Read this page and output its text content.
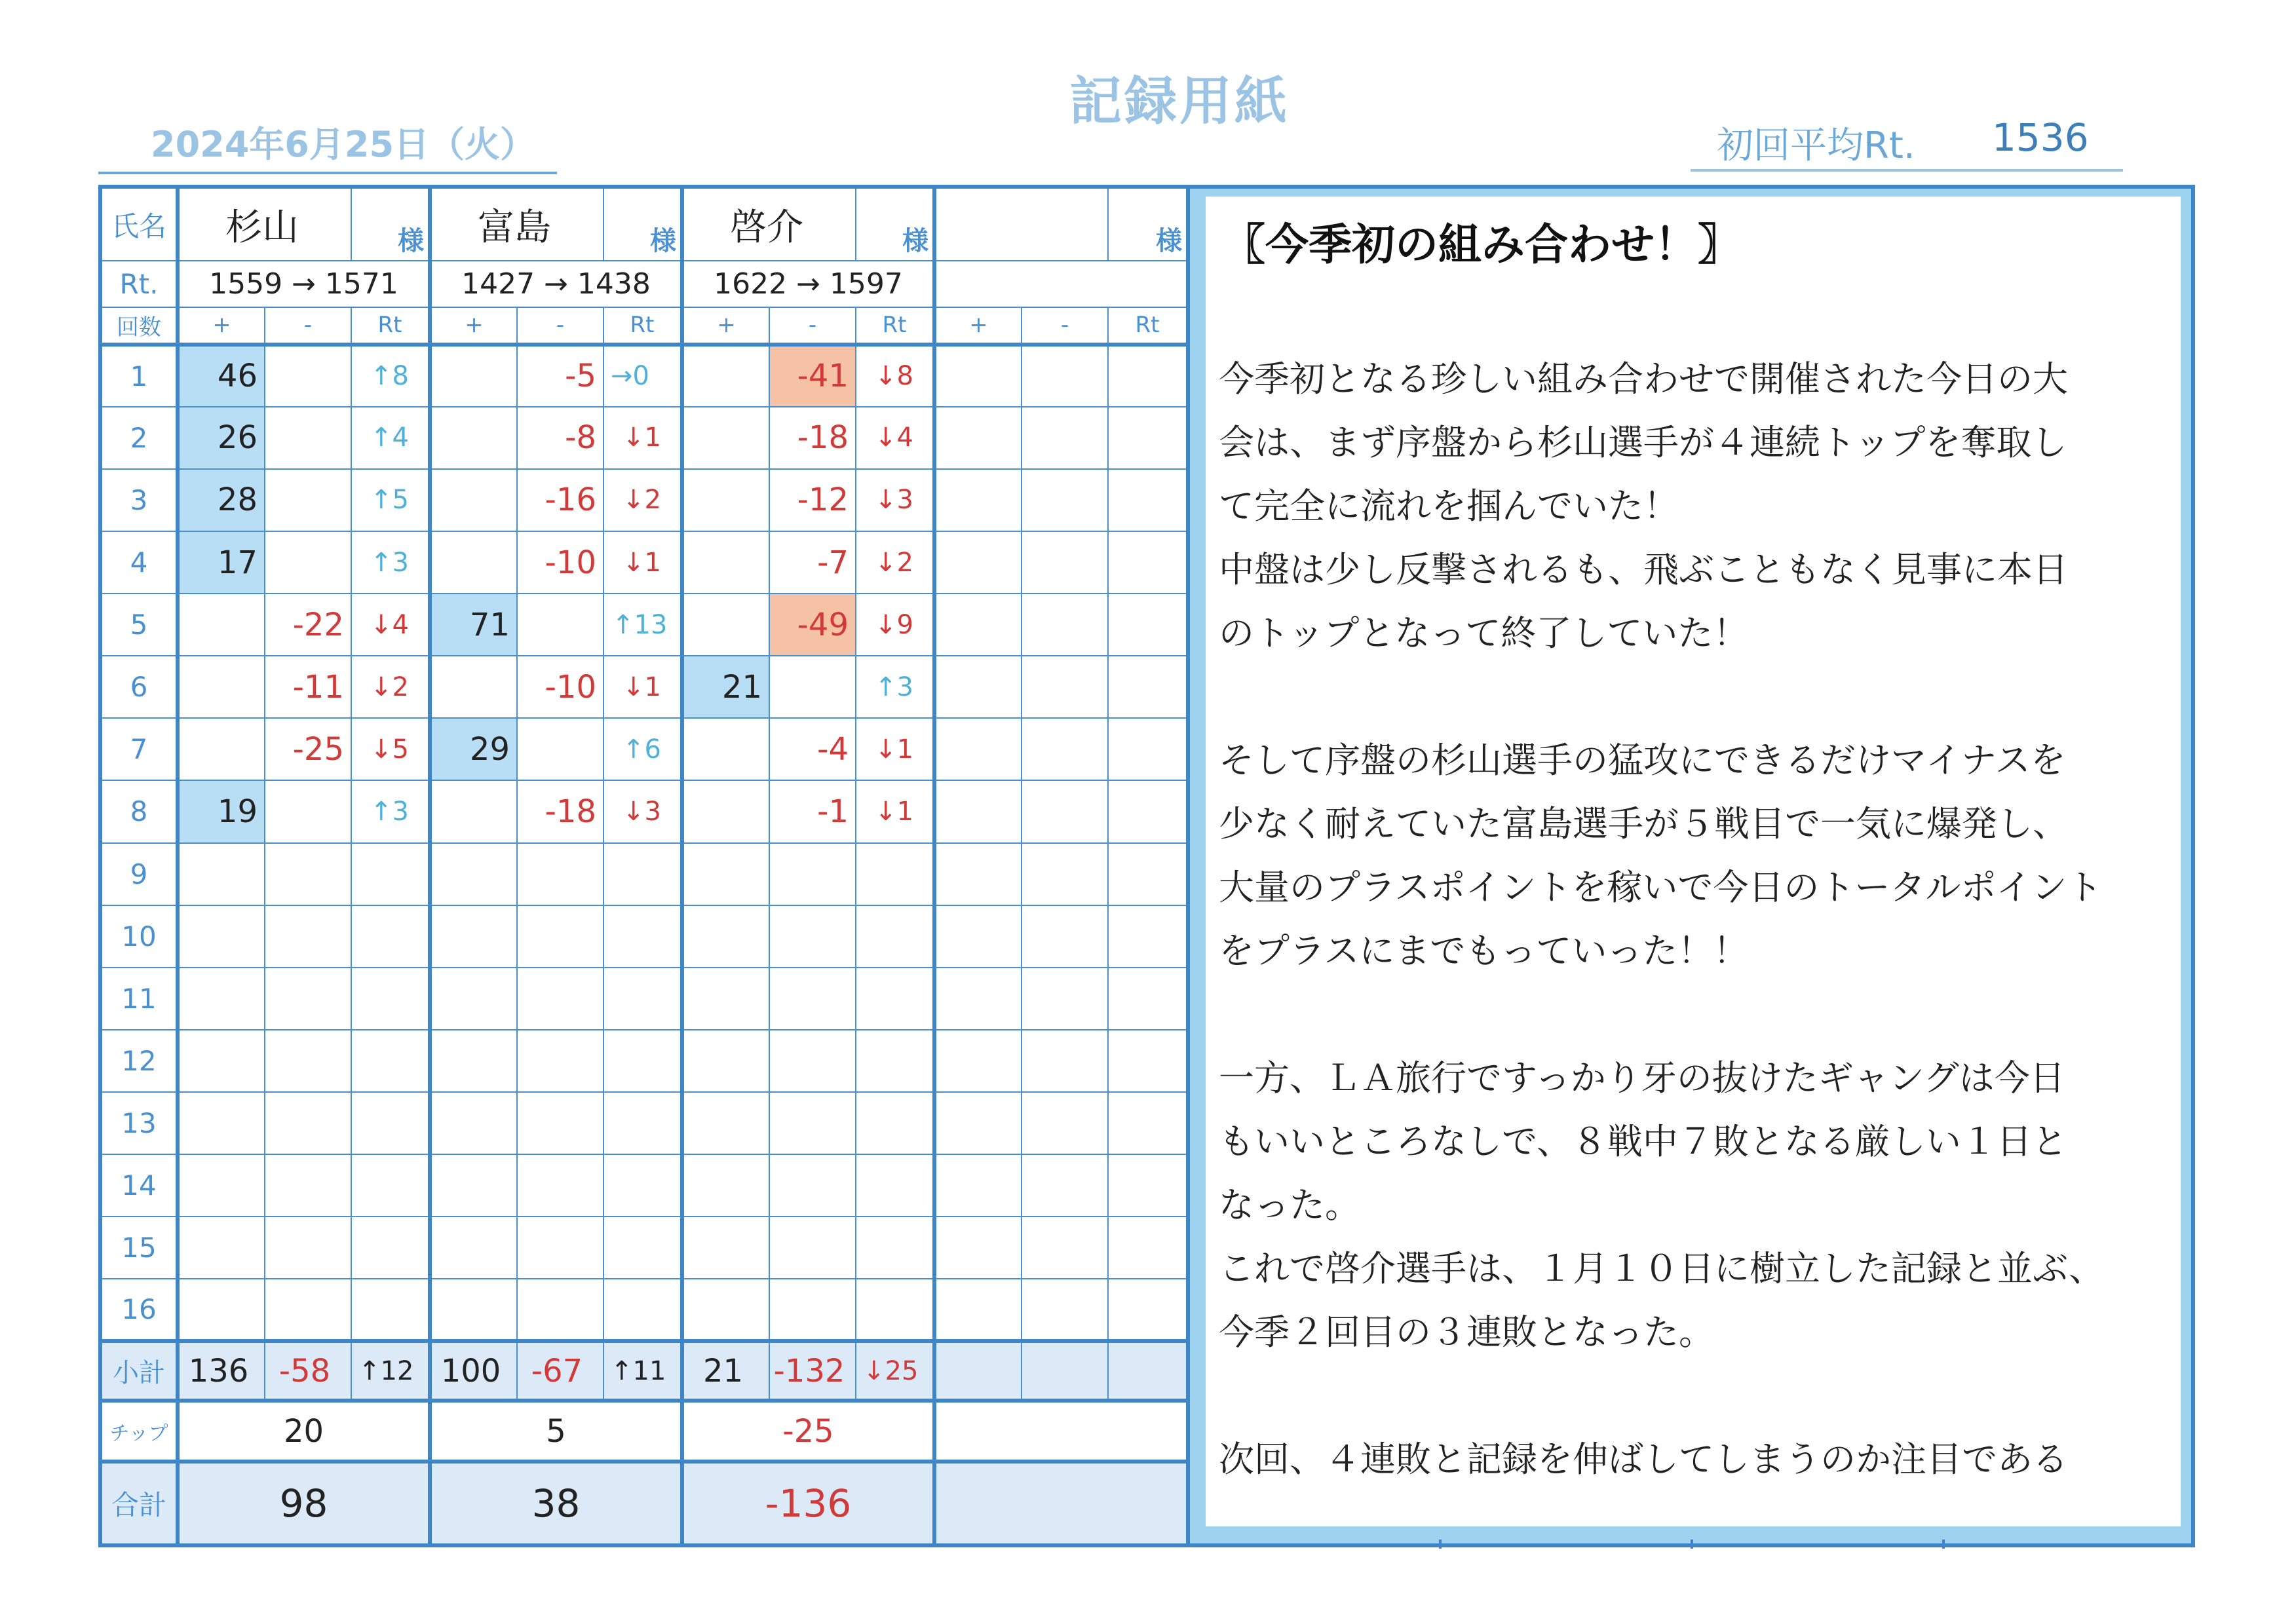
記録用紙
2024年6月25日（火）	初回平均Rt. 1536
氏名	杉山		様	富島		様	啓介		様			様
Rt.	1559 → 1571			1427 → 1438			1622 → 1597					
回数	+	-	Rt	+	-	Rt	+	-	Rt	+	-	Rt
1	46		↑8		-5	→0		-41	↓8			
2	26		↑4		-8	↓1		-18	↓4			
3	28		↑5		-16	↓2		-12	↓3			
4	17		↑3		-10	↓1		-7	↓2			
5		-22	↓4	71		↑13		-49	↓9			
6		-11	↓2		-10	↓1	21		↑3			
7		-25	↓5	29		↑6		-4	↓1			
8	19		↑3		-18	↓3		-1	↓1			
9												
10												
11												
12												
13												
14												
15												
16												
小計	136	-58	↑12	100	-67	↑11	21	-132	↓25			
チップ	20			5			-25					
合計	98			38			-136					
〖今季初の組み合わせ！〗

今季初となる珍しい組み合わせで開催された今日の大

会は、まず序盤から杉山選手が４連続トップを奪取し

て完全に流れを掴んでいた！

中盤は少し反撃されるも、飛ぶこともなく見事に本日

のトップとなって終了していた！

そして序盤の杉山選手の猛攻にできるだけマイナスを

少なく耐えていた富島選手が５戦目で一気に爆発し、

大量のプラスポイントを稼いで今日のトータルポイント

をプラスにまでもっていった！！

一方、ＬＡ旅行ですっかり牙の抜けたギャングは今日

もいいところなしで、８戦中７敗となる厳しい１日と

なった。

これで啓介選手は、１月１０日に樹立した記録と並ぶ、

今季２回目の３連敗となった。

次回、４連敗と記録を伸ばしてしまうのか注目である
